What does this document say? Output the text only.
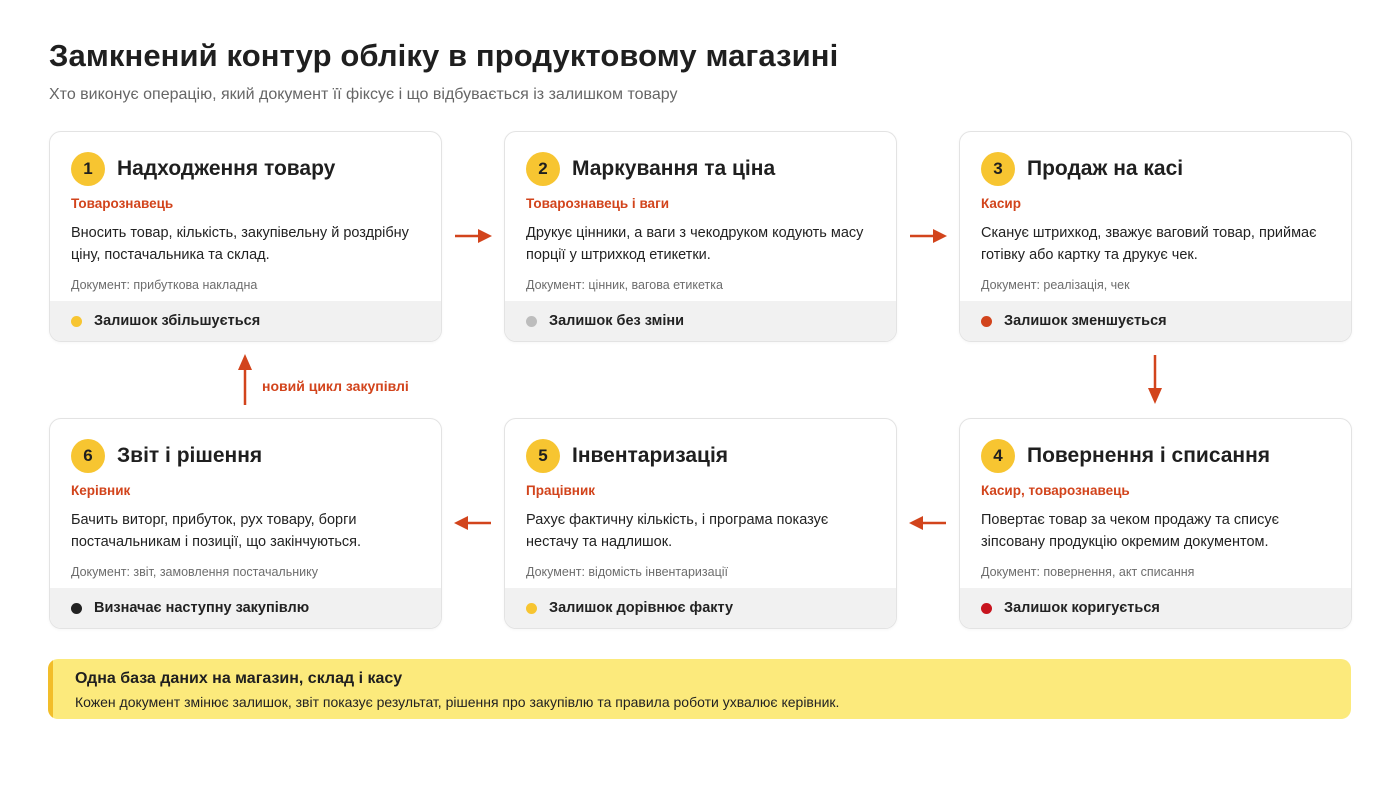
Замкнений контур обліку в продуктовому магазині
Хто виконує операцію, який документ її фіксує і що відбувається із залишком товару
1	Надходження товару
Товарознавець
Вносить товар, кількість, закупівельну й роздрібну ціну, постачальника та склад.
Документ: прибуткова накладна
Залишок збільшується
2	Маркування та ціна
Товарознавець і ваги
Друкує цінники, а ваги з чекодруком кодують масу порції у штрихкод етикетки.
Документ: цінник, вагова етикетка
Залишок без зміни
3	Продаж на касі
Касир
Сканує штрихкод, зважує ваговий товар, приймає готівку або картку та друкує чек.
Документ: реалізація, чек
Залишок зменшується
4	Повернення і списання
Касир, товарознавець
Повертає товар за чеком продажу та списує зіпсовану продукцію окремим документом.
Документ: повернення, акт списання
Залишок коригується
5	Інвентаризація
Працівник
Рахує фактичну кількість, і програма показує нестачу та надлишок.
Документ: відомість інвентаризації
Залишок дорівнює факту
6	Звіт і рішення
Керівник
Бачить виторг, прибуток, рух товару, борги постачальникам і позиції, що закінчуються.
Документ: звіт, замовлення постачальнику
Визначає наступну закупівлю
новий цикл закупівлі
Одна база даних на магазин, склад і касу
Кожен документ змінює залишок, звіт показує результат, рішення про закупівлю та правила роботи ухвалює керівник.
